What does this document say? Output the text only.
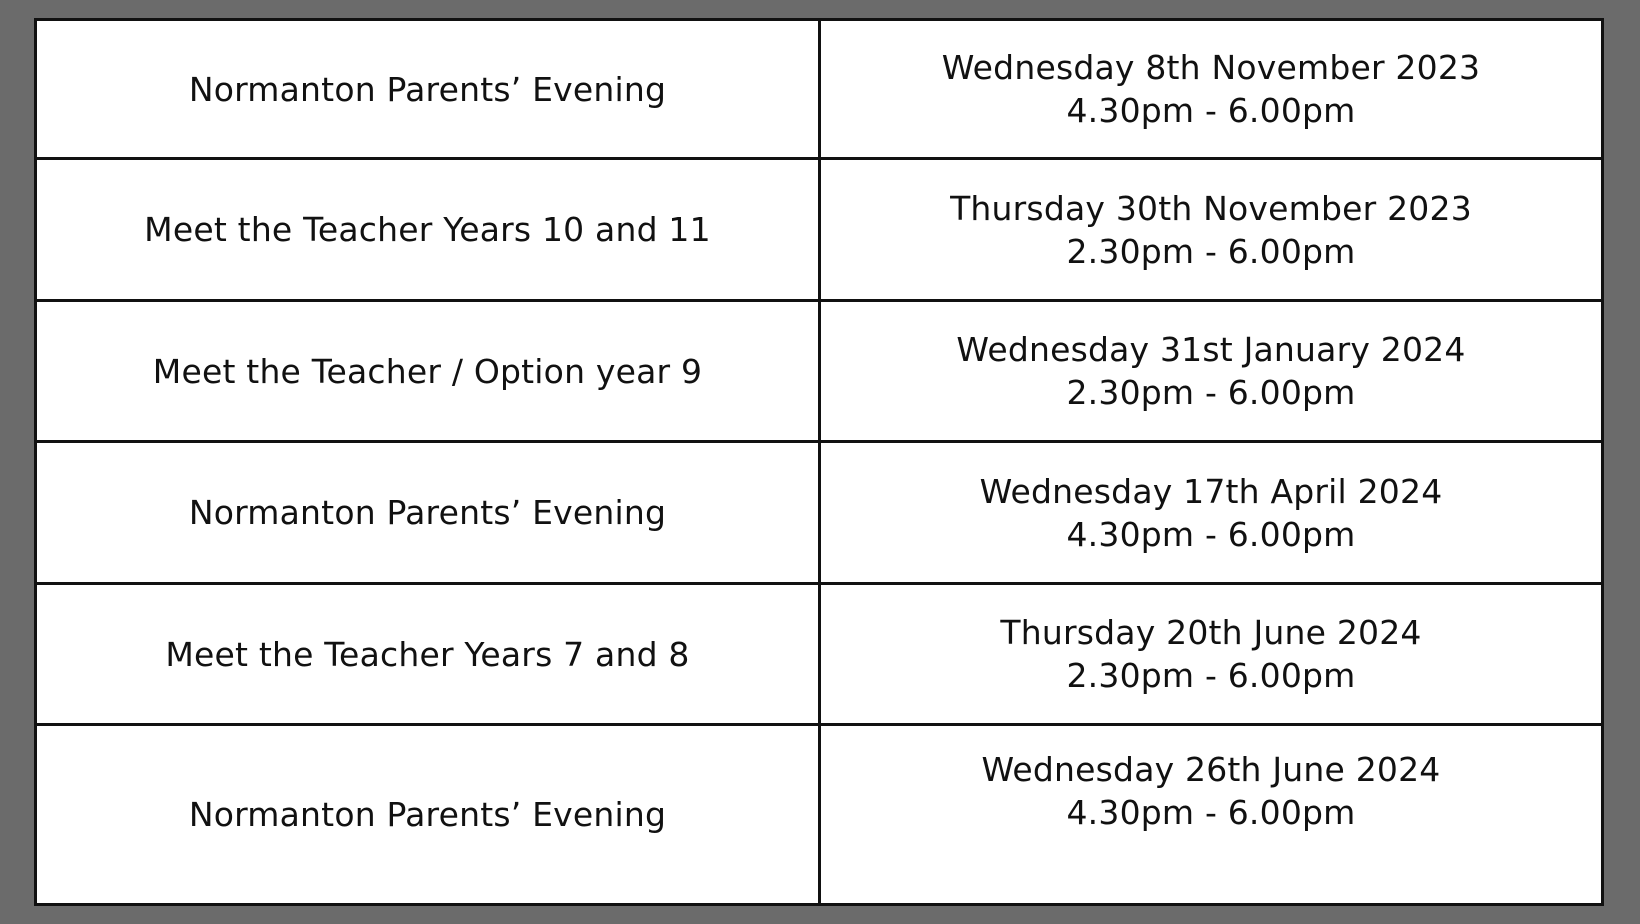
Normanton Parents’ Evening
Wednesday 8th November 2023
4.30pm - 6.00pm
Meet the Teacher Years 10 and 11
Thursday 30th November 2023
2.30pm - 6.00pm
Meet the Teacher / Option year 9
Wednesday 31st January 2024
2.30pm - 6.00pm
Normanton Parents’ Evening
Wednesday 17th April 2024
4.30pm - 6.00pm
Meet the Teacher Years 7 and 8
Thursday 20th June 2024
2.30pm - 6.00pm
Normanton Parents’ Evening
Wednesday 26th June 2024
4.30pm - 6.00pm
